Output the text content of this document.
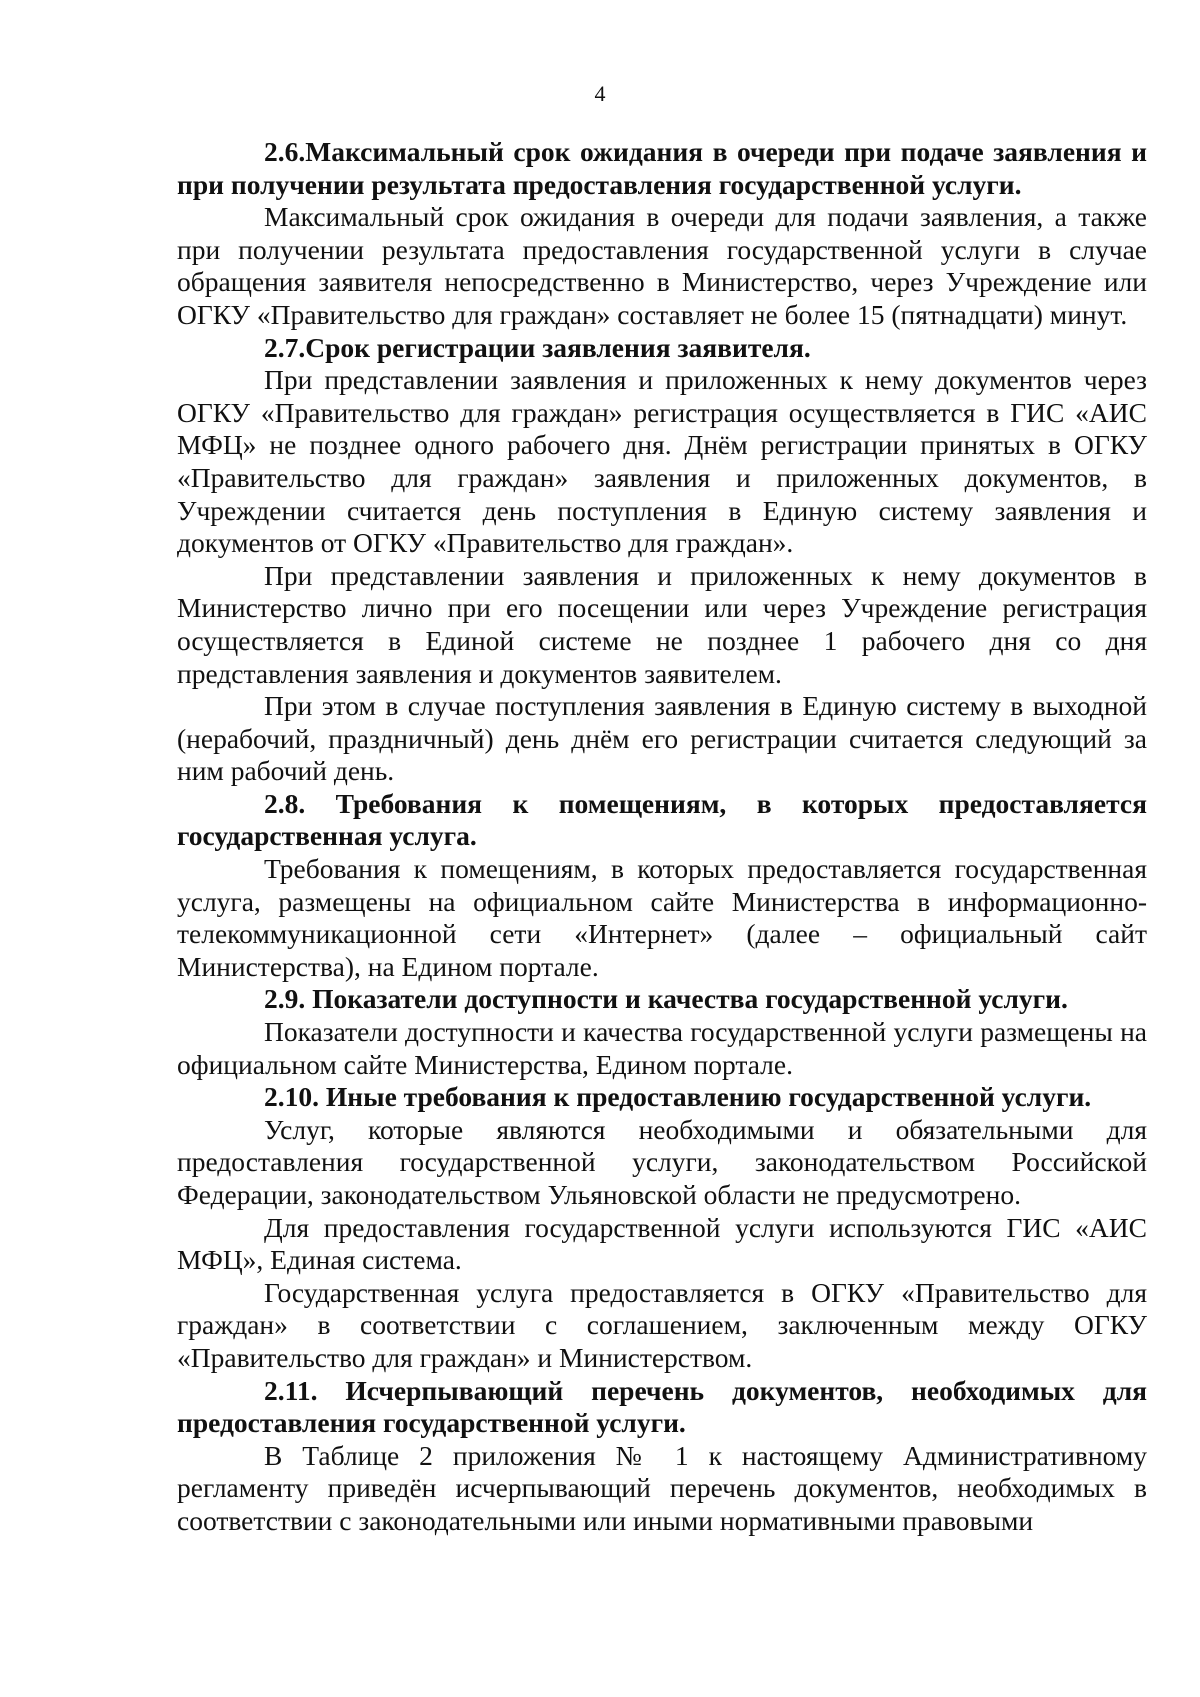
4

2.6.Максимальный срок ожидания в очереди при подаче заявления и при получении результата предоставления государственной услуги.

Максимальный срок ожидания в очереди для подачи заявления, а также при получении результата предоставления государственной услуги в случае обращения заявителя непосредственно в Министерство, через Учреждение или ОГКУ «Правительство для граждан» составляет не более 15 (пятнадцати) минут.

2.7.Срок регистрации заявления заявителя.

При представлении заявления и приложенных к нему документов через ОГКУ «Правительство для граждан» регистрация осуществляется в ГИС «АИС МФЦ» не позднее одного рабочего дня. Днём регистрации принятых в ОГКУ «Правительство для граждан» заявления и приложенных документов, в Учреждении считается день поступления в Единую систему заявления и документов от ОГКУ «Правительство для граждан».

При представлении заявления и приложенных к нему документов в Министерство лично при его посещении или через Учреждение регистрация осуществляется в Единой системе не позднее 1 рабочего дня со дня представления заявления и документов заявителем.

При этом в случае поступления заявления в Единую систему в выходной (нерабочий, праздничный) день днём его регистрации считается следующий за ним рабочий день.

2.8. Требования к помещениям, в которых предоставляется государственная услуга.

Требования к помещениям, в которых предоставляется государственная услуга, размещены на официальном сайте Министерства в информационно-телекоммуникационной сети «Интернет» (далее – официальный сайт Министерства), на Едином портале.

2.9. Показатели доступности и качества государственной услуги.

Показатели доступности и качества государственной услуги размещены на официальном сайте Министерства, Едином портале.

2.10. Иные требования к предоставлению государственной услуги.

Услуг, которые являются необходимыми и обязательными для предоставления государственной услуги, законодательством Российской Федерации, законодательством Ульяновской области не предусмотрено.

Для предоставления государственной услуги используются ГИС «АИС МФЦ», Единая система.

Государственная услуга предоставляется в ОГКУ «Правительство для граждан» в соответствии с соглашением, заключенным между ОГКУ «Правительство для граждан» и Министерством.

2.11. Исчерпывающий перечень документов, необходимых для предоставления государственной услуги.

В Таблице 2 приложения № 1 к настоящему Административному регламенту приведён исчерпывающий перечень документов, необходимых в соответствии с законодательными или иными нормативными правовыми
